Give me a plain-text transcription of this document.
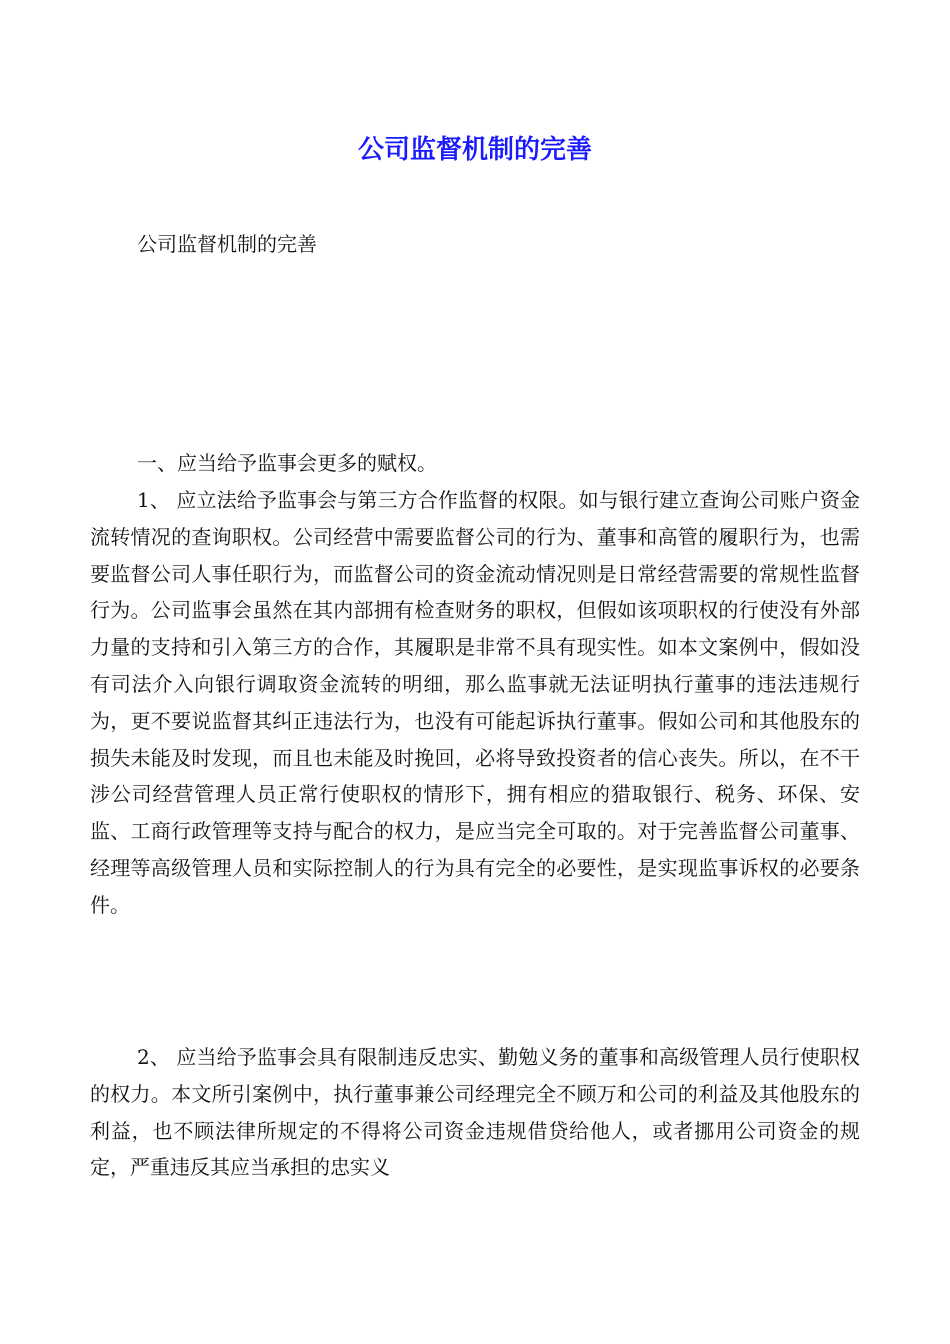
公司监督机制的完善

公司监督机制的完善

一、应当给予监事会更多的赋权。

1、 应立法给予监事会与第三方合作监督的权限。如与银行建立查询公司账户资金流转情况的查询职权。公司经营中需要监督公司的行为、董事和高管的履职行为，也需要监督公司人事任职行为，而监督公司的资金流动情况则是日常经营需要的常规性监督行为。公司监事会虽然在其内部拥有检查财务的职权，但假如该项职权的行使没有外部力量的支持和引入第三方的合作，其履职是非常不具有现实性。如本文案例中，假如没有司法介入向银行调取资金流转的明细，那么监事就无法证明执行董事的违法违规行为，更不要说监督其纠正违法行为，也没有可能起诉执行董事。假如公司和其他股东的损失未能及时发现，而且也未能及时挽回，必将导致投资者的信心丧失。所以，在不干涉公司经营管理人员正常行使职权的情形下，拥有相应的猎取银行、税务、环保、安监、工商行政管理等支持与配合的权力，是应当完全可取的。对于完善监督公司董事、经理等高级管理人员和实际控制人的行为具有完全的必要性，是实现监事诉权的必要条件。

2、 应当给予监事会具有限制违反忠实、勤勉义务的董事和高级管理人员行使职权的权力。本文所引案例中，执行董事兼公司经理完全不顾万和公司的利益及其他股东的利益，也不顾法律所规定的不得将公司资金违规借贷给他人，或者挪用公司资金的规定，严重违反其应当承担的忠实义
